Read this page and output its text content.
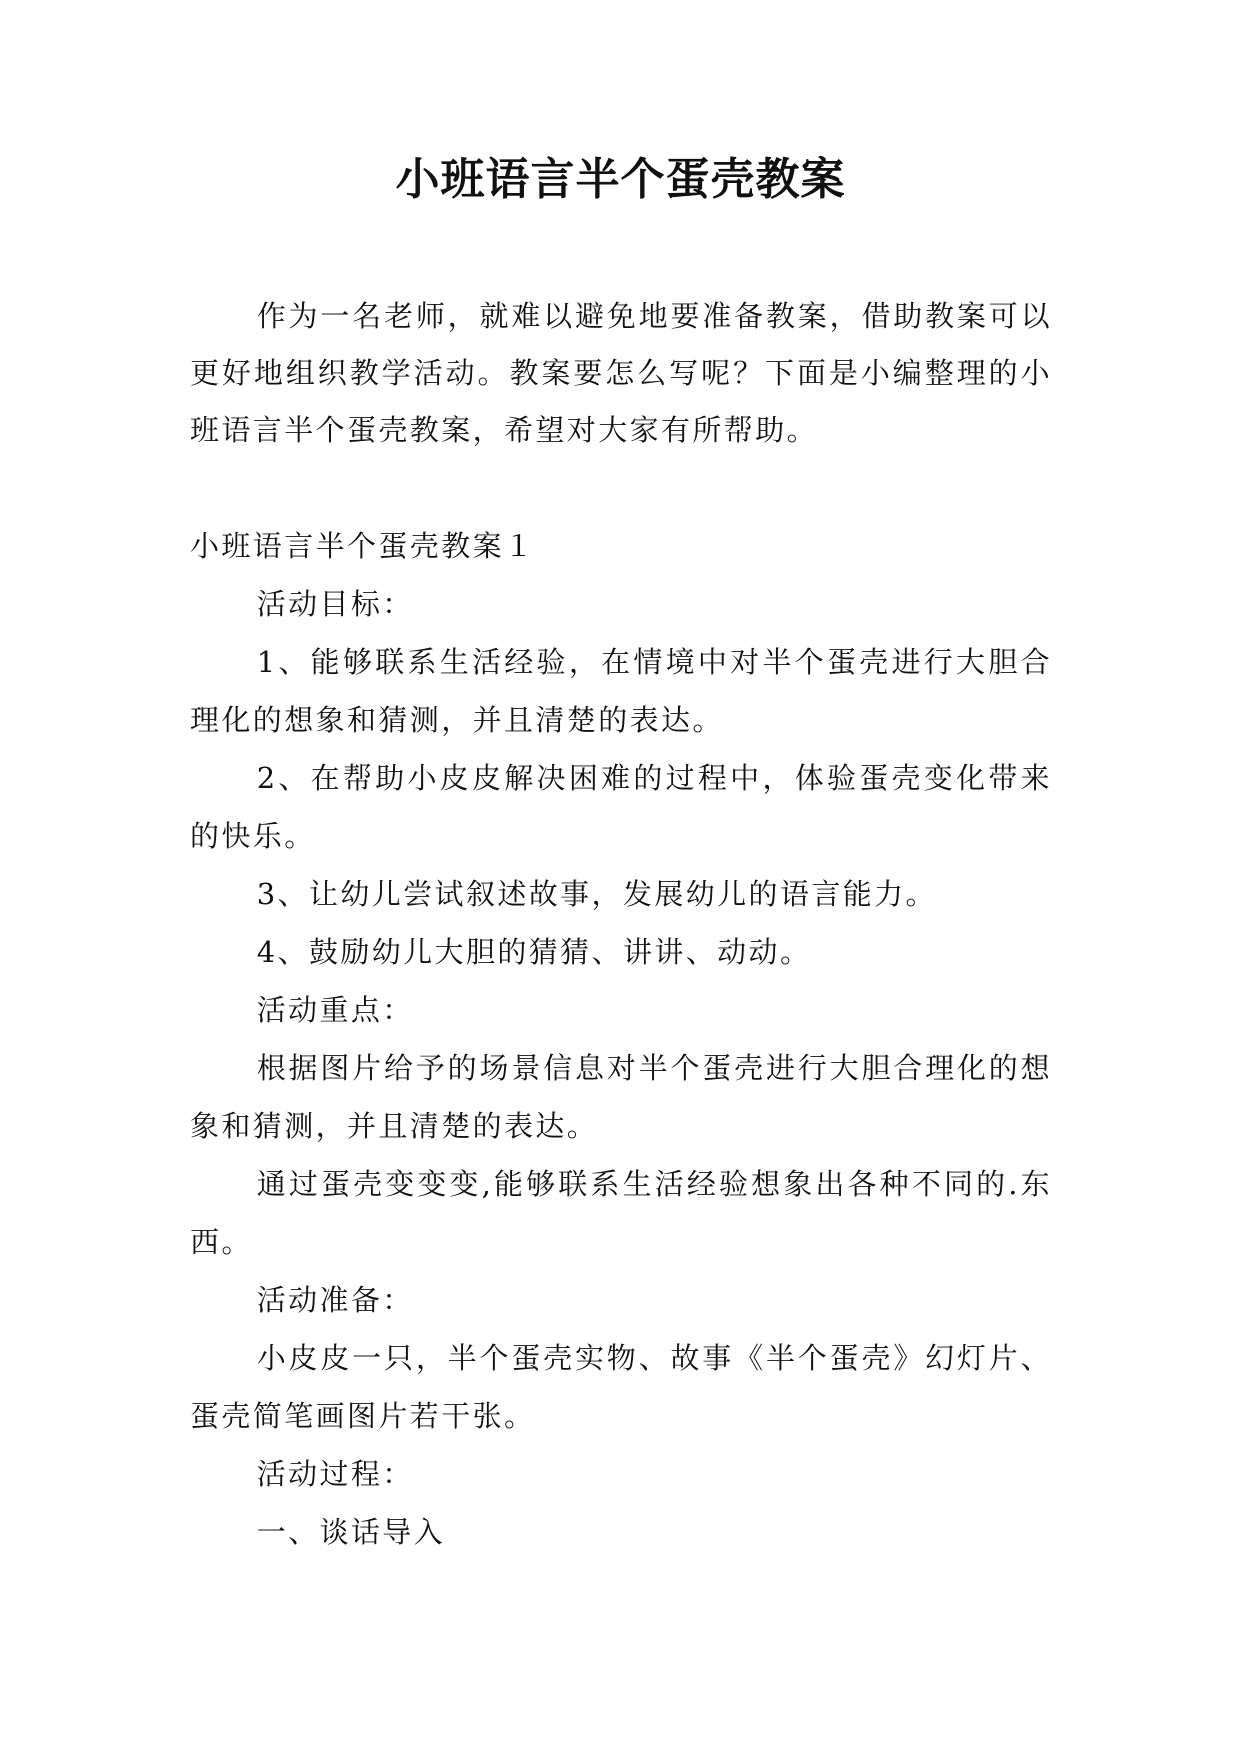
小班语言半个蛋壳教案

作为一名老师，就难以避免地要准备教案，借助教案可以更好地组织教学活动。教案要怎么写呢？下面是小编整理的小班语言半个蛋壳教案，希望对大家有所帮助。

小班语言半个蛋壳教案１

活动目标：

1、能够联系生活经验，在情境中对半个蛋壳进行大胆合理化的想象和猜测，并且清楚的表达。

2、在帮助小皮皮解决困难的过程中，体验蛋壳变化带来的快乐。

3、让幼儿尝试叙述故事，发展幼儿的语言能力。

4、鼓励幼儿大胆的猜猜、讲讲、动动。

活动重点：

根据图片给予的场景信息对半个蛋壳进行大胆合理化的想象和猜测，并且清楚的表达。

通过蛋壳变变变,能够联系生活经验想象出各种不同的.东西。

活动准备：

小皮皮一只，半个蛋壳实物、故事《半个蛋壳》幻灯片、蛋壳简笔画图片若干张。

活动过程：

一、谈话导入
